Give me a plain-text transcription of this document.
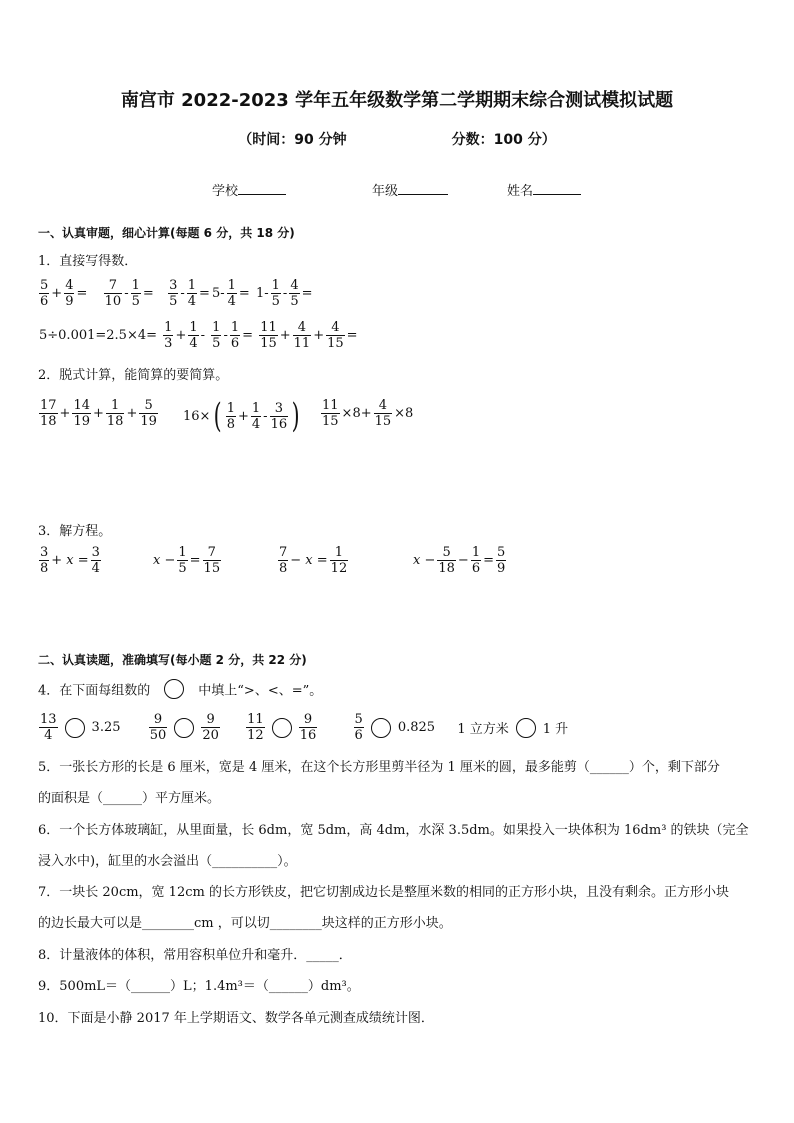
南宫市 2022-2023 学年五年级数学第二学期期末综合测试模拟试题
（时间：90 分钟	分数：100 分）
学校	年级	姓名
一、认真审题，细心计算(每题 6 分，共 18 分)
1．直接写得数．
$\frac{5}{6} + \frac{4}{9} = \frac{7}{10} - \frac{1}{5} = \frac{3}{5} - \frac{1}{4} = 5- \frac{1}{4} = 1- \frac{1}{5} - \frac{4}{5}$ =
$5\div 0.001=2.5\times 4= \frac{1}{3} + \frac{1}{4} - \frac{1}{5} - \frac{1}{6} = \frac{11}{15} + \frac{4}{11} + \frac{4}{15}$ =
2．脱式计算，能简算的要简算。
$\frac{17}{18} + \frac{14}{19} + \frac{1}{18} + \frac{5}{19} 16\times$ ( $\frac{1}{8} + \frac{1}{4} - \frac{3}{16}$ ) $\frac{11}{15} \times 8+ \frac{4}{15} \times 8$
3．解方程。
$\frac{3}{8} + x = \frac{3}{4}$	$x - \frac{1}{5} = \frac{7}{15}$	$\frac{7}{8} - x = \frac{1}{12}$	$x - \frac{5}{18} - \frac{1}{6} = \frac{5}{9}$
二、认真读题，准确填写(每小题 2 分，共 22 分)
4．在下面每组数的	中填上“>、<、=”。
$\frac{13}{4}$	$3.25 \frac{9}{50}$	$\frac{9}{20}$
$\frac{11}{12}$	$\frac{9}{16}$
	$\frac{5}{6}$	0.825 1 立方米	1 升
5．一张长方形的长是 6 厘米，宽是 4 厘米，在这个长方形里剪半径为 1 厘米的圆，最多能剪（______）个，剩下部分
的面积是（______）平方厘米。
6．一个长方体玻璃缸，从里面量，长 6dm，宽 5dm，高 4dm，水深 3.5dm。如果投入一块体积为 16dm³ 的铁块（完全
浸入水中)，缸里的水会溢出（__________）。
7．一块长 20cm，宽 12cm 的长方形铁皮，把它切割成边长是整厘米数的相同的正方形小块，且没有剩余。正方形小块
的边长最大可以是________cm ，可以切________块这样的正方形小块。
8．计量液体的体积，常用容积单位升和毫升．_____．
9．500mL＝（______）L；1.4m³＝（______）dm³。
10．下面是小静 2017 年上学期语文、数学各单元测查成绩统计图．
